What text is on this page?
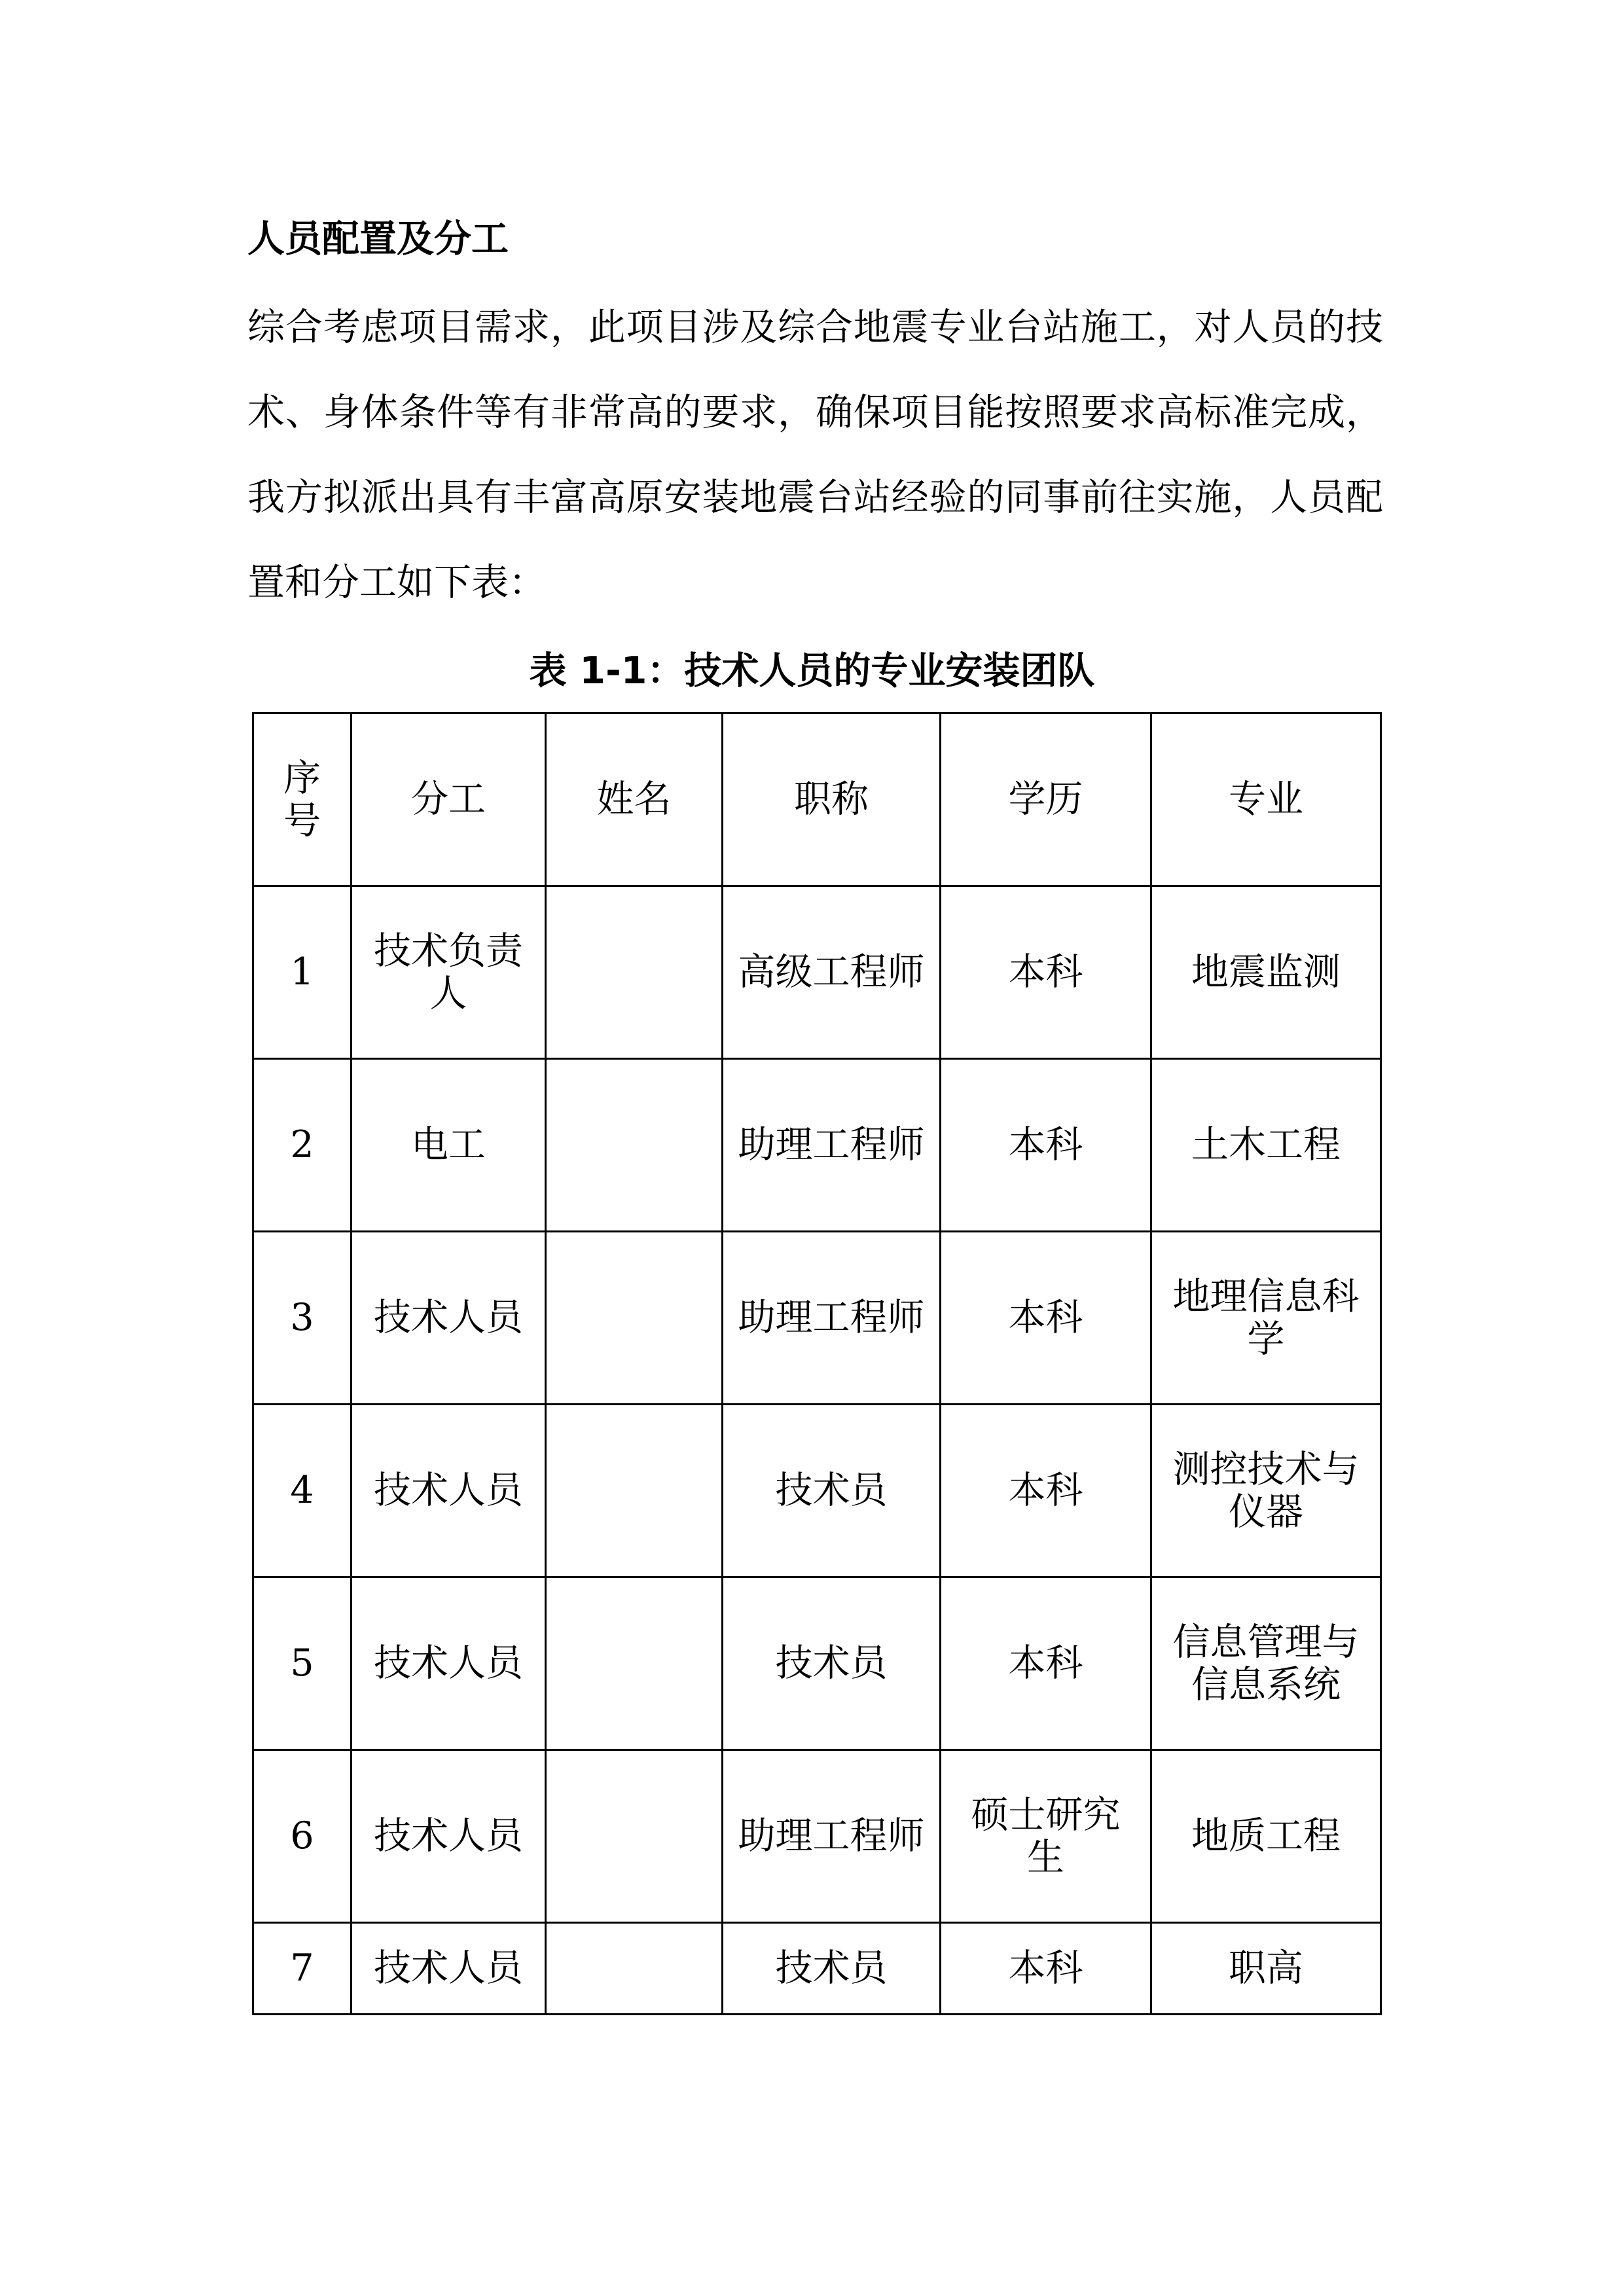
人员配置及分工
综合考虑项目需求，此项目涉及综合地震专业台站施工，对人员的技术、身体条件等有非常高的要求，确保项目能按照要求高标准完成，我方拟派出具有丰富高原安装地震台站经验的同事前往实施，人员配置和分工如下表：
表 1-1：技术人员的专业安装团队
序号	分工	姓名	职称	学历	专业
1	技术负责人		高级工程师	本科	地震监测
2	电工		助理工程师	本科	土木工程
3	技术人员		助理工程师	本科	地理信息科学
4	技术人员		技术员	本科	测控技术与仪器
5	技术人员		技术员	本科	信息管理与信息系统
6	技术人员		助理工程师	硕士研究生	地质工程
7	技术人员		技术员	本科	职高
